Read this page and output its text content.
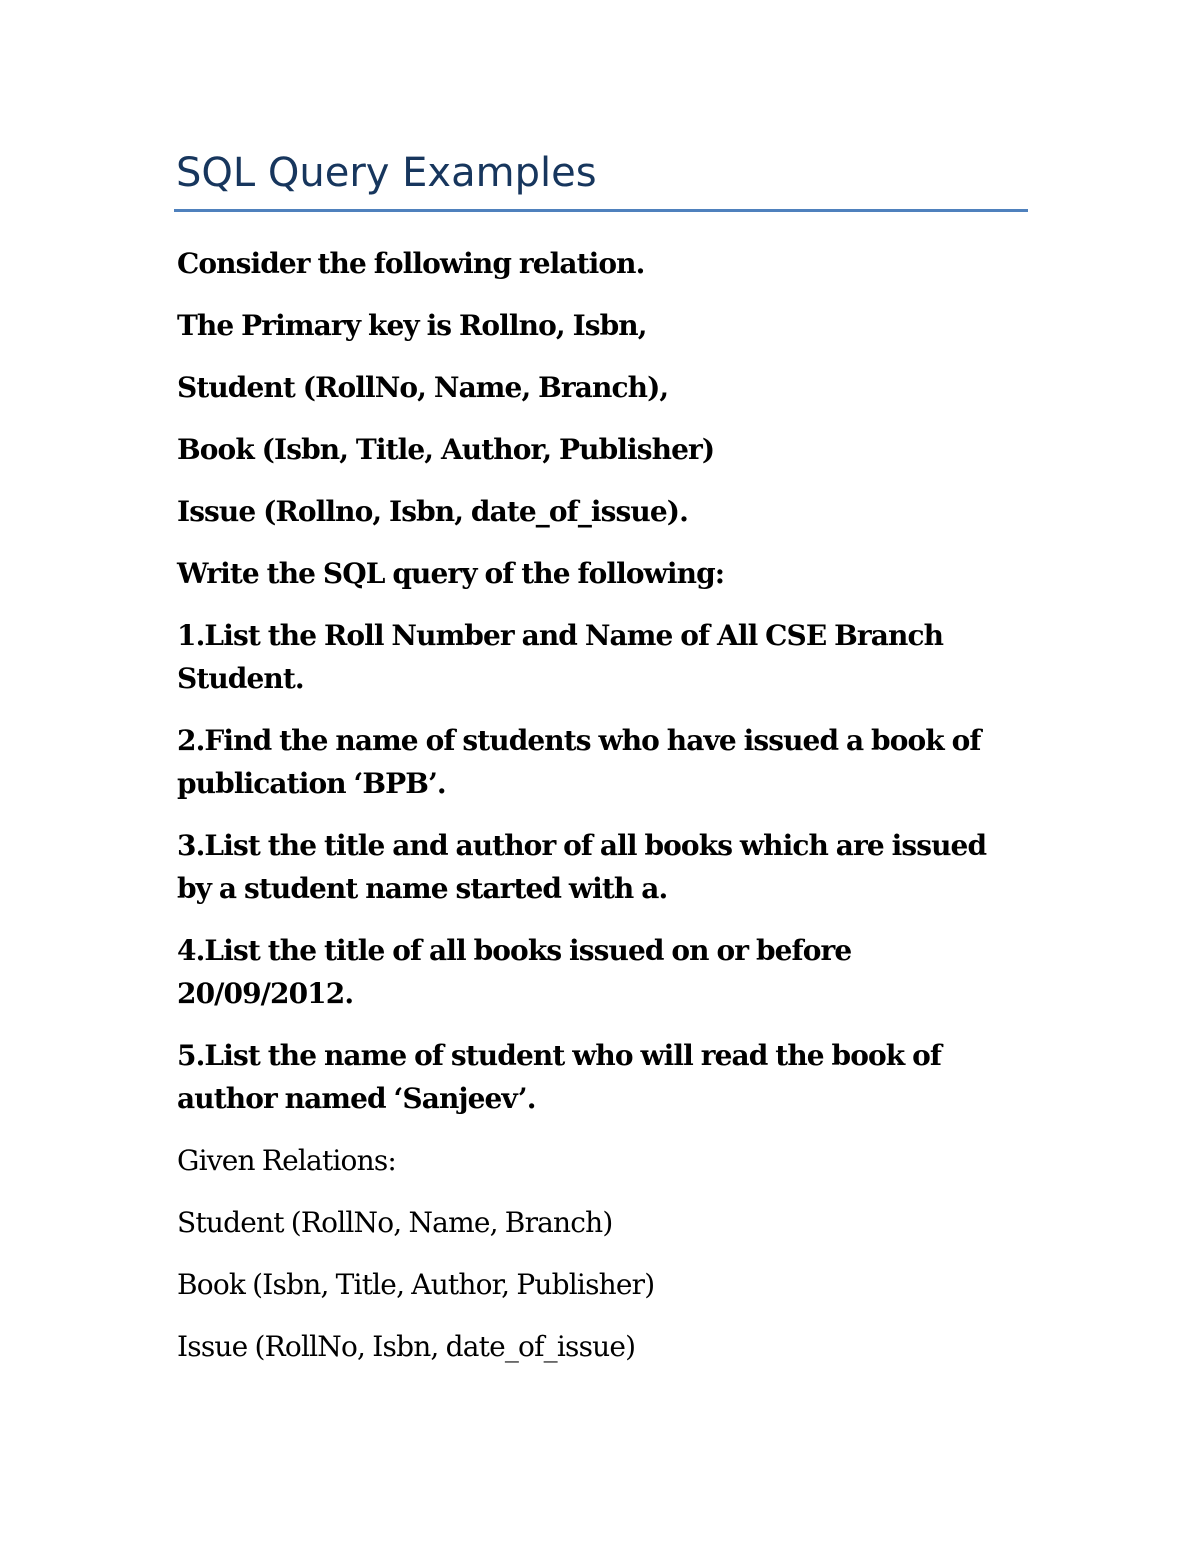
SQL Query Examples

Consider the following relation.

The Primary key is Rollno, Isbn,

Student (RollNo, Name, Branch),

Book (Isbn, Title, Author, Publisher)

Issue (Rollno, Isbn, date_of_issue).

Write the SQL query of the following:

1.List the Roll Number and Name of All CSE Branch Student.

2.Find the name of students who have issued a book of publication ‘BPB’.

3.List the title and author of all books which are issued by a student name started with a.

4.List the title of all books issued on or before 20/09/2012.

5.List the name of student who will read the book of author named ‘Sanjeev’.

Given Relations:

Student (RollNo, Name, Branch)

Book (Isbn, Title, Author, Publisher)

Issue (RollNo, Isbn, date_of_issue)
